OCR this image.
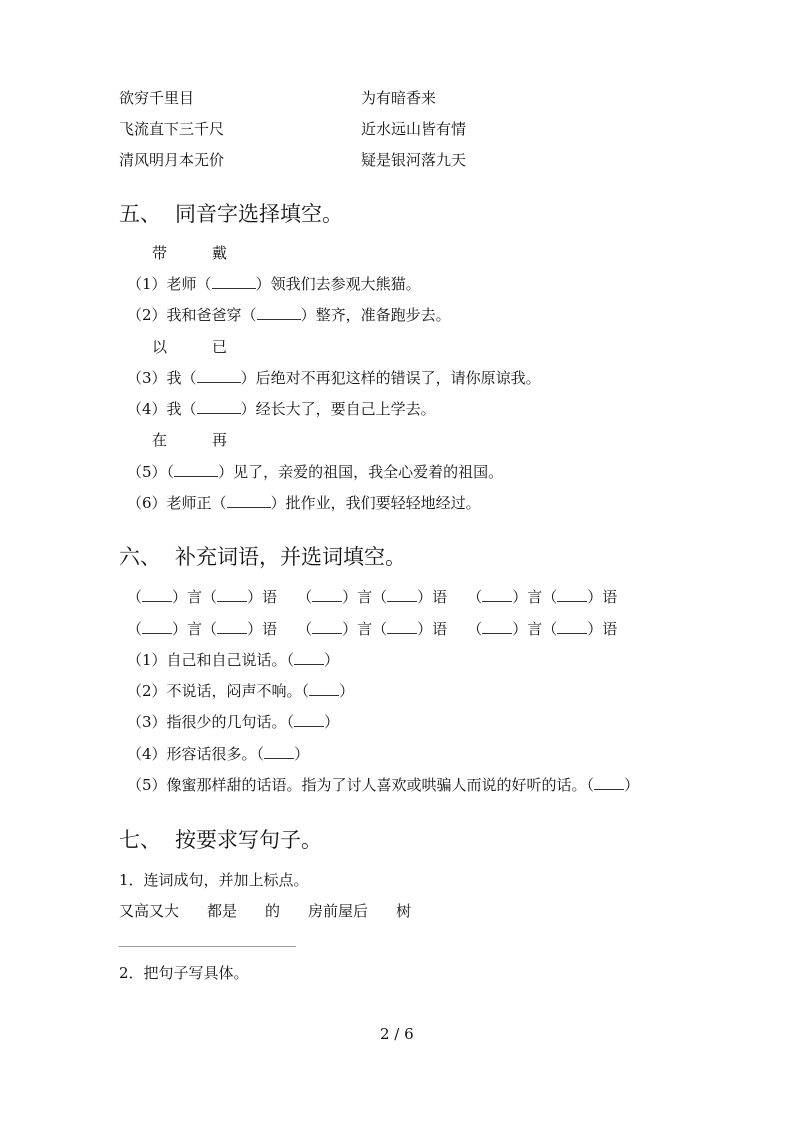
欲穷千里目	为有暗香来
飞流直下三千尺	近水远山皆有情
清风明月本无价	疑是银河落九天
五、 同音字选择填空。
带	戴
（1）老师（	）领我们去参观大熊猫。
（2）我和爸爸穿（	）整齐，准备跑步去。
以	已
（3）我（	）后绝对不再犯这样的错误了，请你原谅我。
（4）我（	）经长大了，要自己上学去。
在	再
（5）（	）见了，亲爱的祖国，我全心爱着的祖国。
（6）老师正（	）批作业，我们要轻轻地经过。
六、 补充词语，并选词填空。
（ ）言（ ）语 （ ）言（ ）语 （ ）言（ ）语
（ ）言（ ）语 （ ）言（ ）语 （ ）言（ ）语
（1）自己和自己说话。（ ）
（2）不说话，闷声不响。（ ）
（3）指很少的几句话。（ ）
（4）形容话很多。（ ）
（5）像蜜那样甜的话语。指为了讨人喜欢或哄骗人而说的好听的话。（ ）
七、 按要求写句子。
1．连词成句，并加上标点。
又高又大 都是 的 房前屋后 树
2．把句子写具体。
2 / 6
